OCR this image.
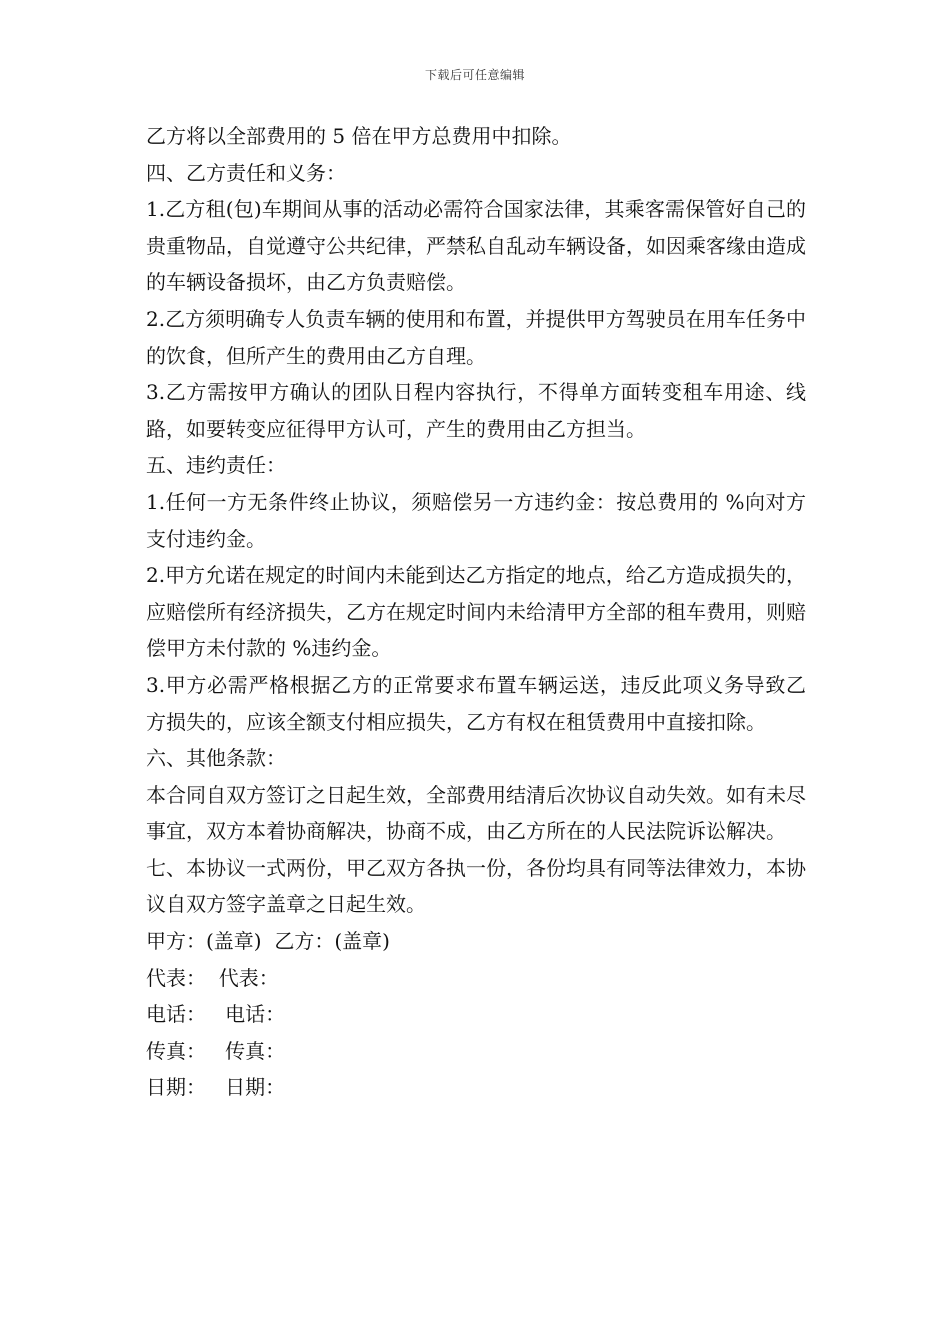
下载后可任意编辑

乙方将以全部费用的 5 倍在甲方总费用中扣除。

四、乙方责任和义务：

1.乙方租(包)车期间从事的活动必需符合国家法律，其乘客需保管好自己的贵重物品，自觉遵守公共纪律，严禁私自乱动车辆设备，如因乘客缘由造成的车辆设备损坏，由乙方负责赔偿。

2.乙方须明确专人负责车辆的使用和布置，并提供甲方驾驶员在用车任务中的饮食，但所产生的费用由乙方自理。

3.乙方需按甲方确认的团队日程内容执行，不得单方面转变租车用途、线路，如要转变应征得甲方认可，产生的费用由乙方担当。

五、违约责任：

1.任何一方无条件终止协议，须赔偿另一方违约金：按总费用的 %向对方支付违约金。

2.甲方允诺在规定的时间内未能到达乙方指定的地点，给乙方造成损失的，应赔偿所有经济损失，乙方在规定时间内未给清甲方全部的租车费用，则赔偿甲方未付款的 %违约金。

3.甲方必需严格根据乙方的正常要求布置车辆运送，违反此项义务导致乙 方损失的，应该全额支付相应损失，乙方有权在租赁费用中直接扣除。

六、其他条款：

本合同自双方签订之日起生效，全部费用结清后次协议自动失效。如有未尽事宜，双方本着协商解决，协商不成，由乙方所在的人民法院诉讼解决。

七、本协议一式两份，甲乙双方各执一份，各份均具有同等法律效力，本协议自双方签字盖章之日起生效。

甲方：(盖章)  乙方：(盖章)

代表：  代表：

电话：   电话：

传真：   传真：

日期：   日期：
